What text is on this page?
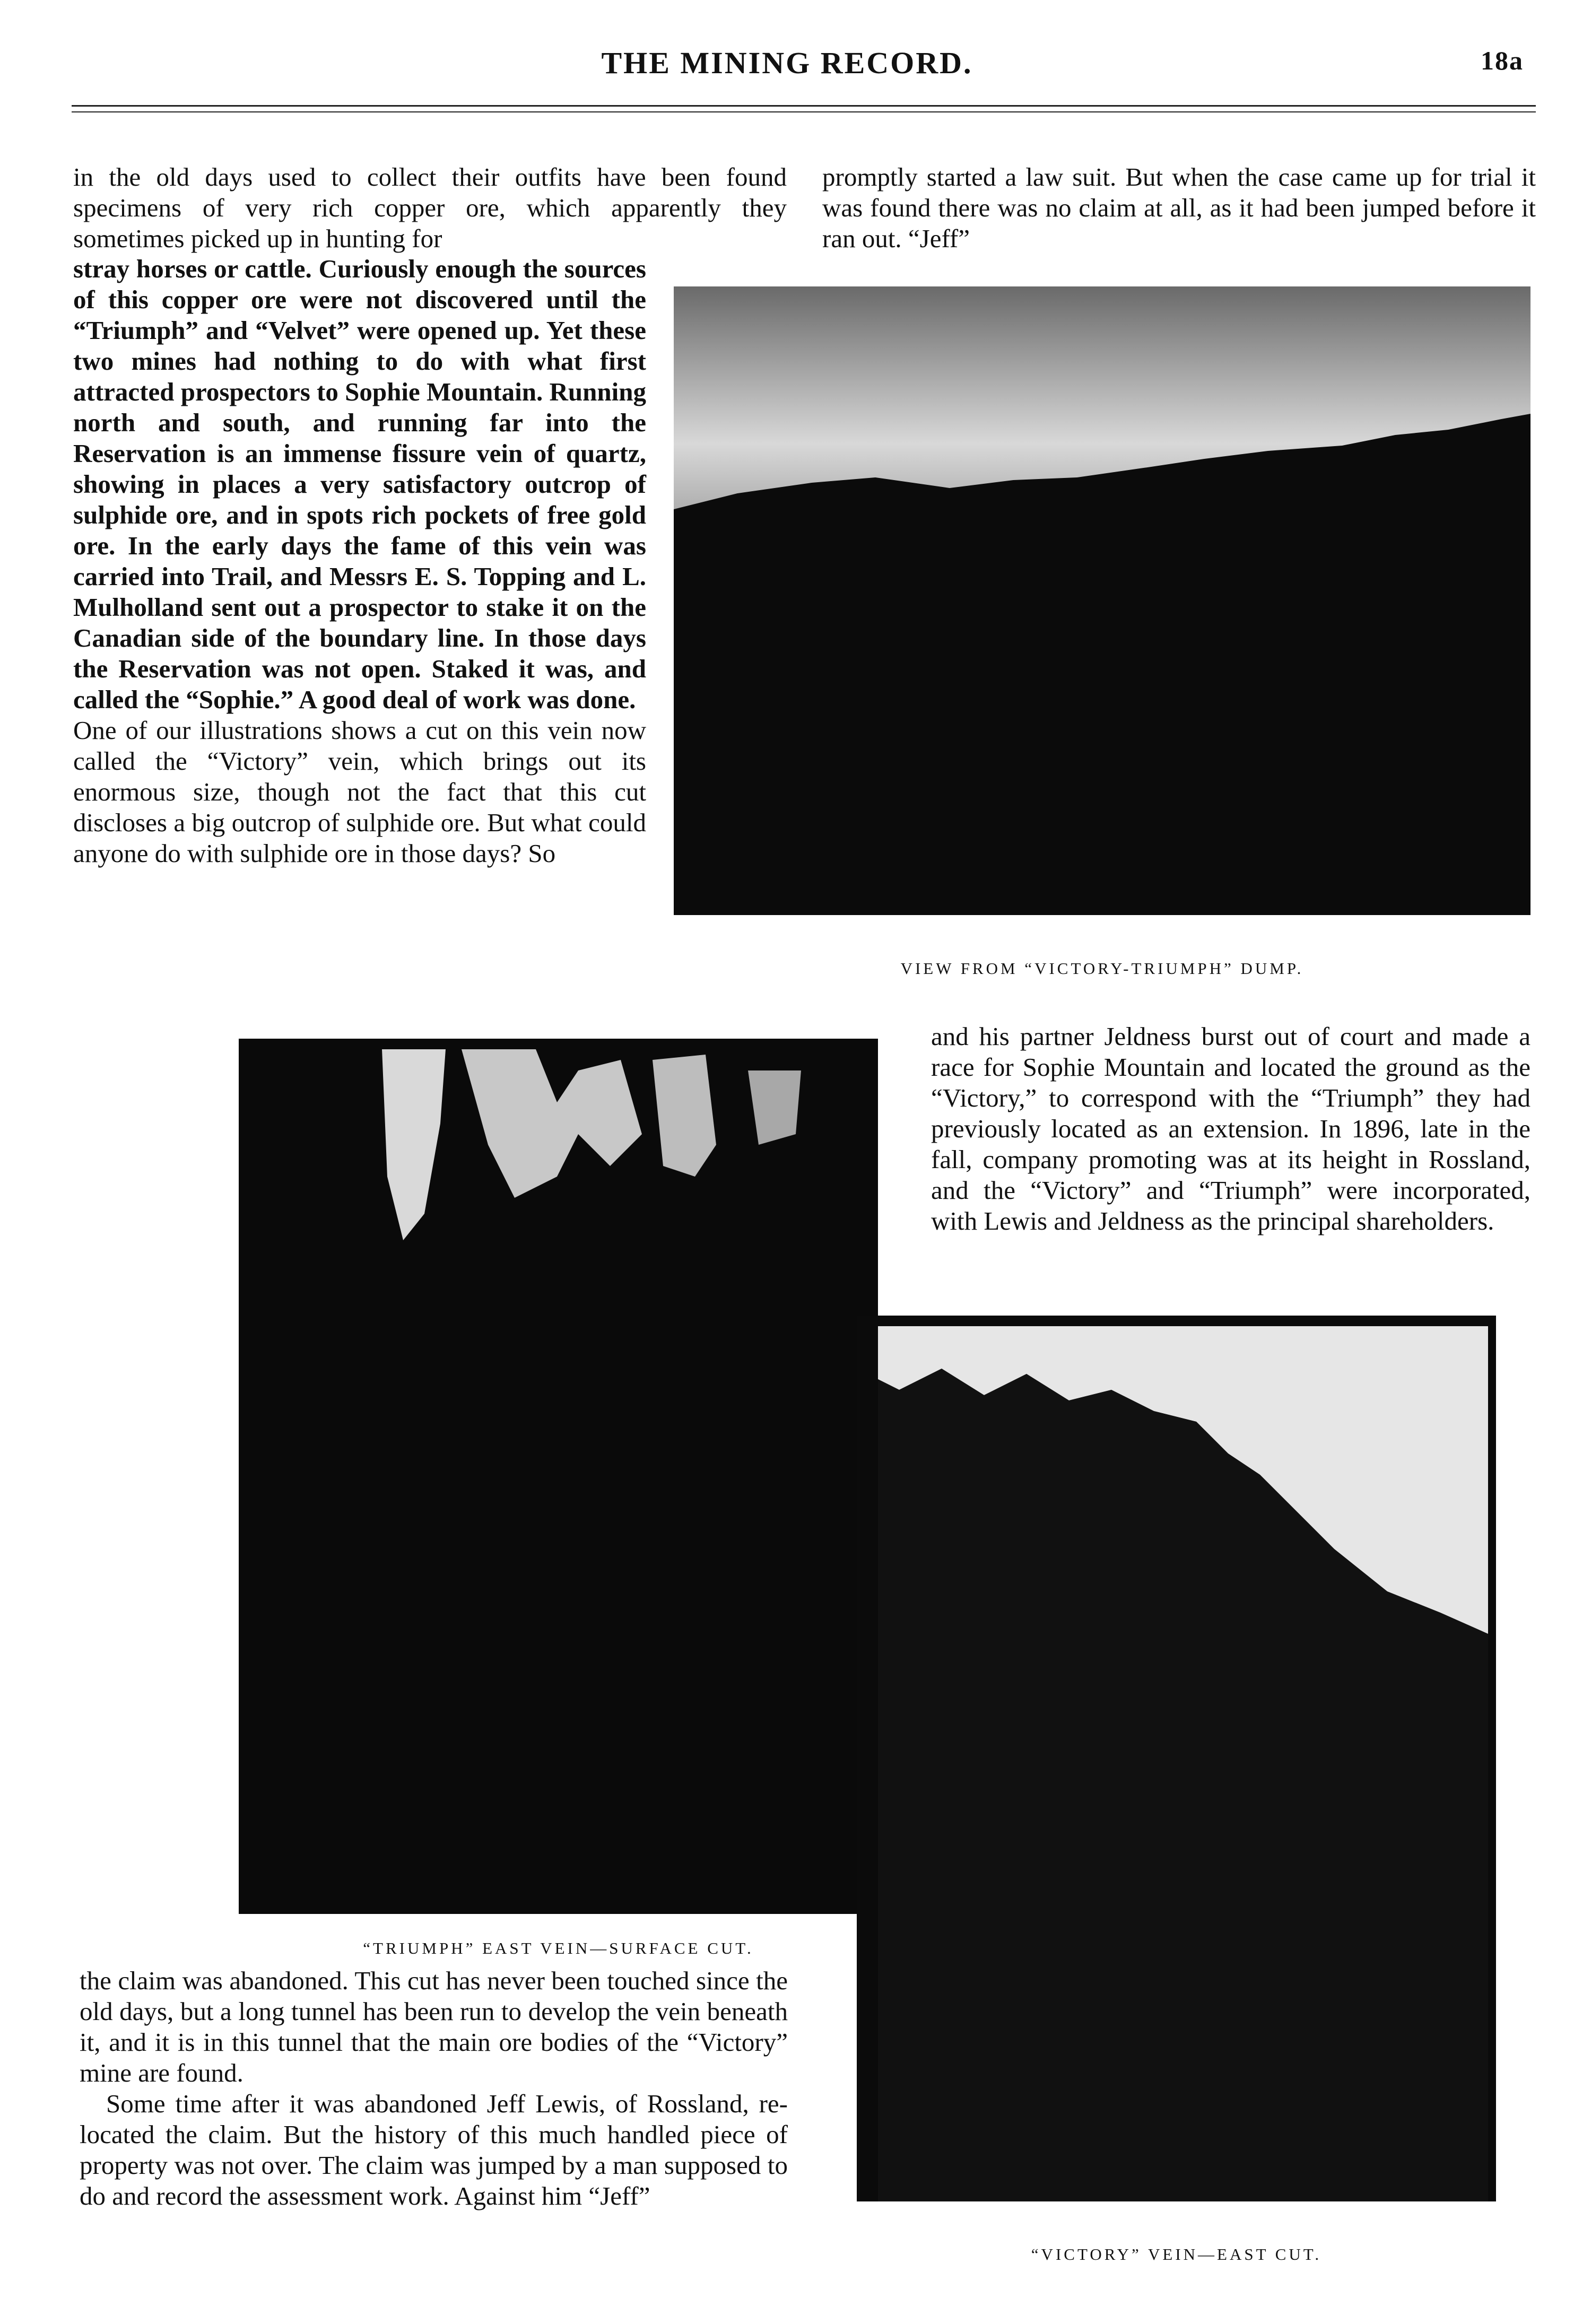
THE MINING RECORD.	18a

in the old days used to collect their outfits have been found specimens of very rich copper ore, which apparently they sometimes picked up in hunting for

stray horses or cattle. Curiously enough the sources of this copper ore were not discovered until the “Triumph” and “Velvet” were opened up. Yet these two mines had nothing to do with what first attracted prospectors to Sophie Mountain. Running north and south, and running far into the Reservation is an immense fissure vein of quartz, showing in places a very satisfactory outcrop of sulphide ore, and in spots rich pockets of free gold ore. In the early days the fame of this vein was carried into Trail, and Messrs E. S. Topping and L. Mulholland sent out a prospector to stake it on the Canadian side of the boundary line. In those days the Reservation was not open. Staked it was, and called the “Sophie.” A good deal of work was done.

One of our illustrations shows a cut on this vein now called the “Victory” vein, which brings out its enormous size, though not the fact that this cut discloses a big outcrop of sulphide ore. But what could anyone do with sulphide ore in those days? So

promptly started a law suit. But when the case came up for trial it was found there was no claim at all, as it had been jumped before it ran out. “Jeff”

VIEW FROM “VICTORY-TRIUMPH” DUMP.
“TRIUMPH” EAST VEIN—SURFACE CUT.

and his partner Jeldness burst out of court and made a race for Sophie Mountain and located the ground as the “Victory,” to correspond with the “Triumph” they had previously located as an extension. In 1896, late in the fall, company promoting was at its height in Rossland, and the “Victory” and “Triumph” were incorporated, with Lewis and Jeldness as the principal shareholders.

“VICTORY” VEIN—EAST CUT.

the claim was abandoned. This cut has never been touched since the old days, but a long tunnel has been run to develop the vein beneath it, and it is in this tunnel that the main ore bodies of the “Victory” mine are found.

Some time after it was abandoned Jeff Lewis, of Rossland, re-located the claim. But the history of this much handled piece of property was not over. The claim was jumped by a man supposed to do and record the assessment work. Against him “Jeff”
